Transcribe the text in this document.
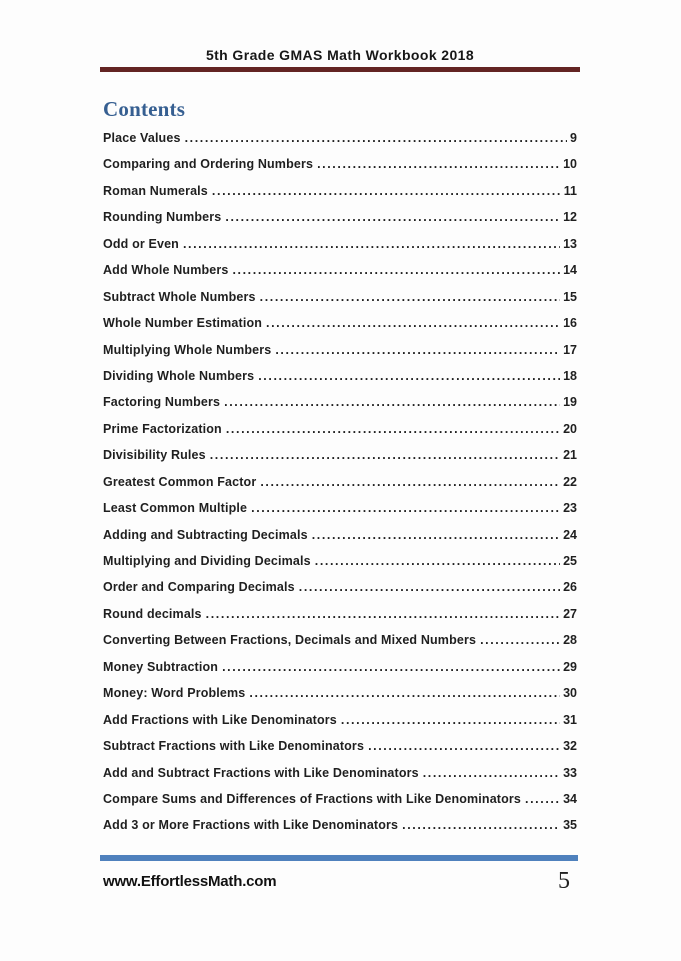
5th Grade GMAS Math Workbook 2018
Contents
Place Values .....	9
Comparing and Ordering Numbers .....	10
Roman Numerals .....	11
Rounding Numbers .....	12
Odd or Even .....	13
Add Whole Numbers .....	14
Subtract Whole Numbers .....	15
Whole Number Estimation .....	16
Multiplying Whole Numbers .....	17
Dividing Whole Numbers .....	18
Factoring Numbers .....	19
Prime Factorization .....	20
Divisibility Rules .....	21
Greatest Common Factor .....	22
Least Common Multiple .....	23
Adding and Subtracting Decimals .....	24
Multiplying and Dividing Decimals .....	25
Order and Comparing Decimals .....	26
Round decimals .....	27
Converting Between Fractions, Decimals and Mixed Numbers .....	28
Money Subtraction .....	29
Money: Word Problems .....	30
Add Fractions with Like Denominators .....	31
Subtract Fractions with Like Denominators .....	32
Add and Subtract Fractions with Like Denominators .....	33
Compare Sums and Differences of Fractions with Like Denominators .....	34
Add 3 or More Fractions with Like Denominators .....	35
www.EffortlessMath.com	5
